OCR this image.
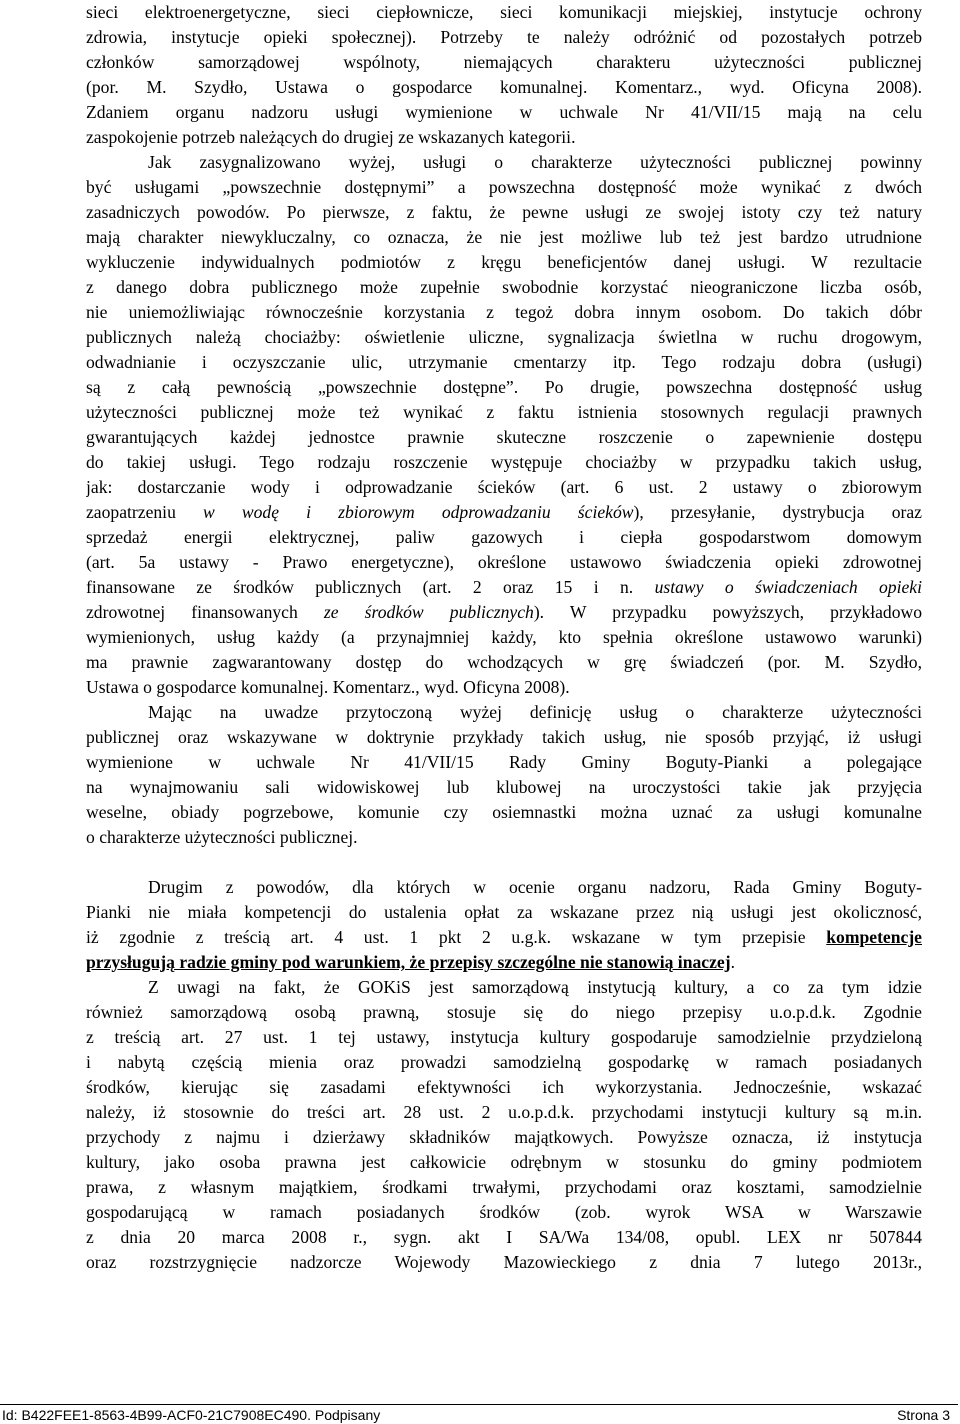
sieci elektroenergetyczne, sieci ciepłownicze, sieci komunikacji miejskiej, instytucje ochrony
zdrowia, instytucje opieki społecznej). Potrzeby te należy odróżnić od pozostałych potrzeb
członków samorządowej wspólnoty, niemających charakteru użyteczności publicznej
(por. M. Szydło, Ustawa o gospodarce komunalnej. Komentarz., wyd. Oficyna 2008).
Zdaniem organu nadzoru usługi wymienione w uchwale Nr 41/VII/15 mają na celu
zaspokojenie potrzeb należących do drugiej ze wskazanych kategorii.
Jak zasygnalizowano wyżej, usługi o charakterze użyteczności publicznej powinny
być usługami „powszechnie dostępnymi” a powszechna dostępność może wynikać z dwóch
zasadniczych powodów. Po pierwsze, z faktu, że pewne usługi ze swojej istoty czy też natury
mają charakter niewykluczalny, co oznacza, że nie jest możliwe lub też jest bardzo utrudnione
wykluczenie indywidualnych podmiotów z kręgu beneficjentów danej usługi. W rezultacie
z danego dobra publicznego może zupełnie swobodnie korzystać nieograniczone liczba osób,
nie uniemożliwiając równocześnie korzystania z tegoż dobra innym osobom. Do takich dóbr
publicznych należą chociażby: oświetlenie uliczne, sygnalizacja świetlna w ruchu drogowym,
odwadnianie i oczyszczanie ulic, utrzymanie cmentarzy itp. Tego rodzaju dobra (usługi)
są z całą pewnością „powszechnie dostępne”. Po drugie, powszechna dostępność usług
użyteczności publicznej może też wynikać z faktu istnienia stosownych regulacji prawnych
gwarantujących każdej jednostce prawnie skuteczne roszczenie o zapewnienie dostępu
do takiej usługi. Tego rodzaju roszczenie występuje chociażby w przypadku takich usług,
jak: dostarczanie wody i odprowadzanie ścieków (art. 6 ust. 2 ustawy o zbiorowym
zaopatrzeniu w wodę i zbiorowym odprowadzaniu ścieków), przesyłanie, dystrybucja oraz
sprzedaż energii elektrycznej, paliw gazowych i ciepła gospodarstwom domowym
(art. 5a ustawy - Prawo energetyczne), określone ustawowo świadczenia opieki zdrowotnej
finansowane ze środków publicznych (art. 2 oraz 15 i n. ustawy o świadczeniach opieki
zdrowotnej finansowanych ze środków publicznych). W przypadku powyższych, przykładowo
wymienionych, usług każdy (a przynajmniej każdy, kto spełnia określone ustawowo warunki)
ma prawnie zagwarantowany dostęp do wchodzących w grę świadczeń (por. M. Szydło,
Ustawa o gospodarce komunalnej. Komentarz., wyd. Oficyna 2008).
Mając na uwadze przytoczoną wyżej definicję usług o charakterze użyteczności
publicznej oraz wskazywane w doktrynie przykłady takich usług, nie sposób przyjąć, iż usługi
wymienione w uchwale Nr 41/VII/15 Rady Gminy Boguty-Pianki a polegające
na wynajmowaniu sali widowiskowej lub klubowej na uroczystości takie jak przyjęcia
weselne, obiady pogrzebowe, komunie czy osiemnastki można uznać za usługi komunalne
o charakterze użyteczności publicznej.
Drugim z powodów, dla których w ocenie organu nadzoru, Rada Gminy Boguty-
Pianki nie miała kompetencji do ustalenia opłat za wskazane przez nią usługi jest okolicznosć,
iż zgodnie z treścią art. 4 ust. 1 pkt 2 u.g.k. wskazane w tym przepisie kompetencje
przysługują radzie gminy pod warunkiem, że przepisy szczególne nie stanowią inaczej.
Z uwagi na fakt, że GOKiS jest samorządową instytucją kultury, a co za tym idzie
również samorządową osobą prawną, stosuje się do niego przepisy u.o.p.d.k. Zgodnie
z treścią art. 27 ust. 1 tej ustawy, instytucja kultury gospodaruje samodzielnie przydzieloną
i nabytą częścią mienia oraz prowadzi samodzielną gospodarkę w ramach posiadanych
środków, kierując się zasadami efektywności ich wykorzystania. Jednocześnie, wskazać
należy, iż stosownie do treści art. 28 ust. 2 u.o.p.d.k. przychodami instytucji kultury są m.in.
przychody z najmu i dzierżawy składników majątkowych. Powyższe oznacza, iż instytucja
kultury, jako osoba prawna jest całkowicie odrębnym w stosunku do gminy podmiotem
prawa, z własnym majątkiem, środkami trwałymi, przychodami oraz kosztami, samodzielnie
gospodarującą w ramach posiadanych środków (zob. wyrok WSA w Warszawie
z dnia 20 marca 2008 r., sygn. akt I SA/Wa 134/08, opubl. LEX nr 507844
oraz rozstrzygnięcie nadzorcze Wojewody Mazowieckiego z dnia 7 lutego 2013r.,
Id: B422FEE1-8563-4B99-ACF0-21C7908EC490. Podpisany	Strona 3
